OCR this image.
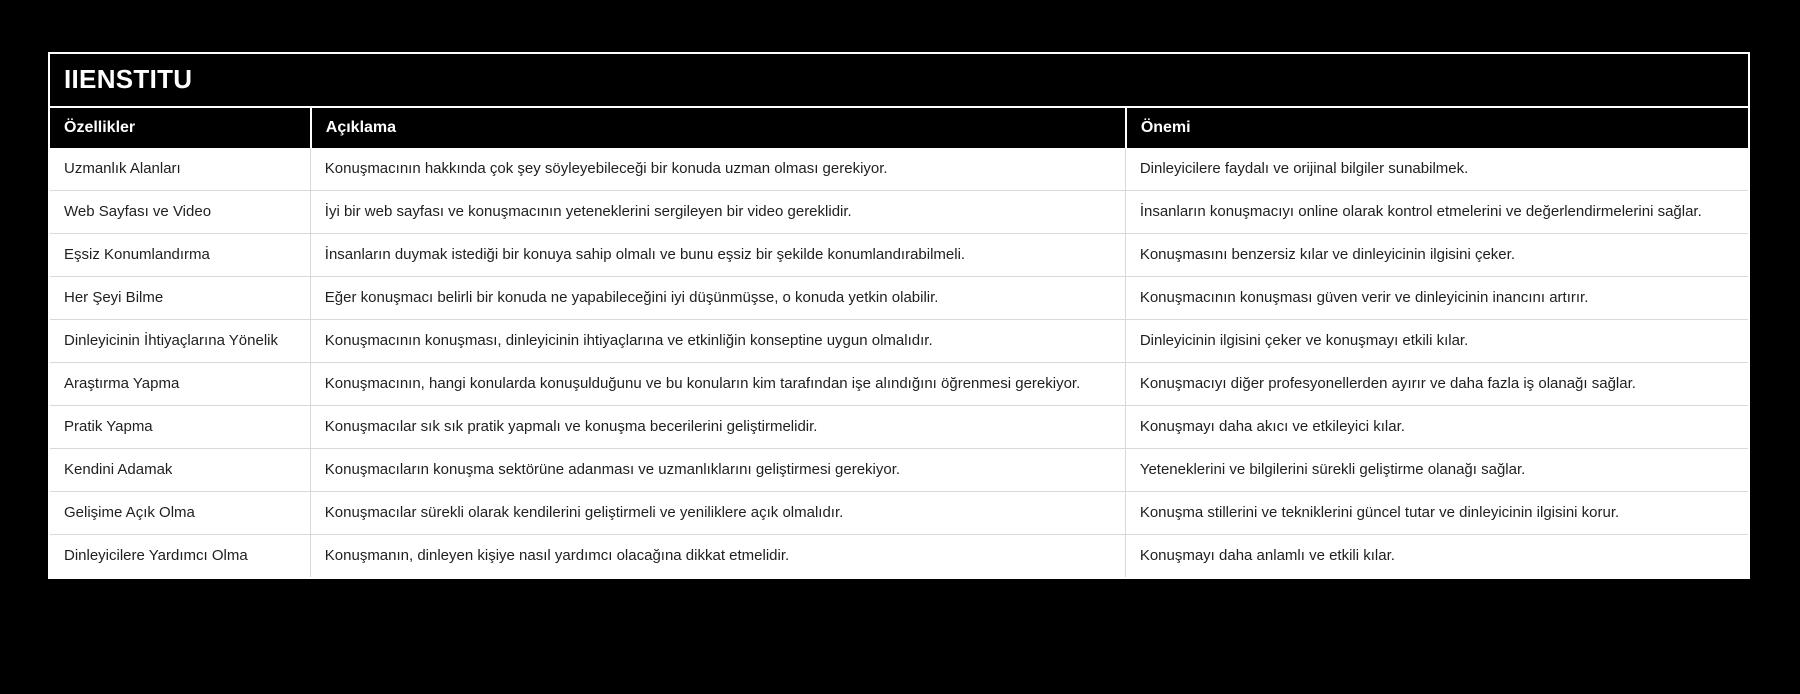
IIENSTITU
Özellikler	Açıklama	Önemi
Uzmanlık Alanları	Konuşmacının hakkında çok şey söyleyebileceği bir konuda uzman olması gerekiyor.	Dinleyicilere faydalı ve orijinal bilgiler sunabilmek.
Web Sayfası ve Video	İyi bir web sayfası ve konuşmacının yeteneklerini sergileyen bir video gereklidir.	İnsanların konuşmacıyı online olarak kontrol etmelerini ve değerlendirmelerini sağlar.
Eşsiz Konumlandırma	İnsanların duymak istediği bir konuya sahip olmalı ve bunu eşsiz bir şekilde konumlandırabilmeli.	Konuşmasını benzersiz kılar ve dinleyicinin ilgisini çeker.
Her Şeyi Bilme	Eğer konuşmacı belirli bir konuda ne yapabileceğini iyi düşünmüşse, o konuda yetkin olabilir.	Konuşmacının konuşması güven verir ve dinleyicinin inancını artırır.
Dinleyicinin İhtiyaçlarına Yönelik	Konuşmacının konuşması, dinleyicinin ihtiyaçlarına ve etkinliğin konseptine uygun olmalıdır.	Dinleyicinin ilgisini çeker ve konuşmayı etkili kılar.
Araştırma Yapma	Konuşmacının, hangi konularda konuşulduğunu ve bu konuların kim tarafından işe alındığını öğrenmesi gerekiyor.	Konuşmacıyı diğer profesyonellerden ayırır ve daha fazla iş olanağı sağlar.
Pratik Yapma	Konuşmacılar sık sık pratik yapmalı ve konuşma becerilerini geliştirmelidir.	Konuşmayı daha akıcı ve etkileyici kılar.
Kendini Adamak	Konuşmacıların konuşma sektörüne adanması ve uzmanlıklarını geliştirmesi gerekiyor.	Yeteneklerini ve bilgilerini sürekli geliştirme olanağı sağlar.
Gelişime Açık Olma	Konuşmacılar sürekli olarak kendilerini geliştirmeli ve yeniliklere açık olmalıdır.	Konuşma stillerini ve tekniklerini güncel tutar ve dinleyicinin ilgisini korur.
Dinleyicilere Yardımcı Olma	Konuşmanın, dinleyen kişiye nasıl yardımcı olacağına dikkat etmelidir.	Konuşmayı daha anlamlı ve etkili kılar.
